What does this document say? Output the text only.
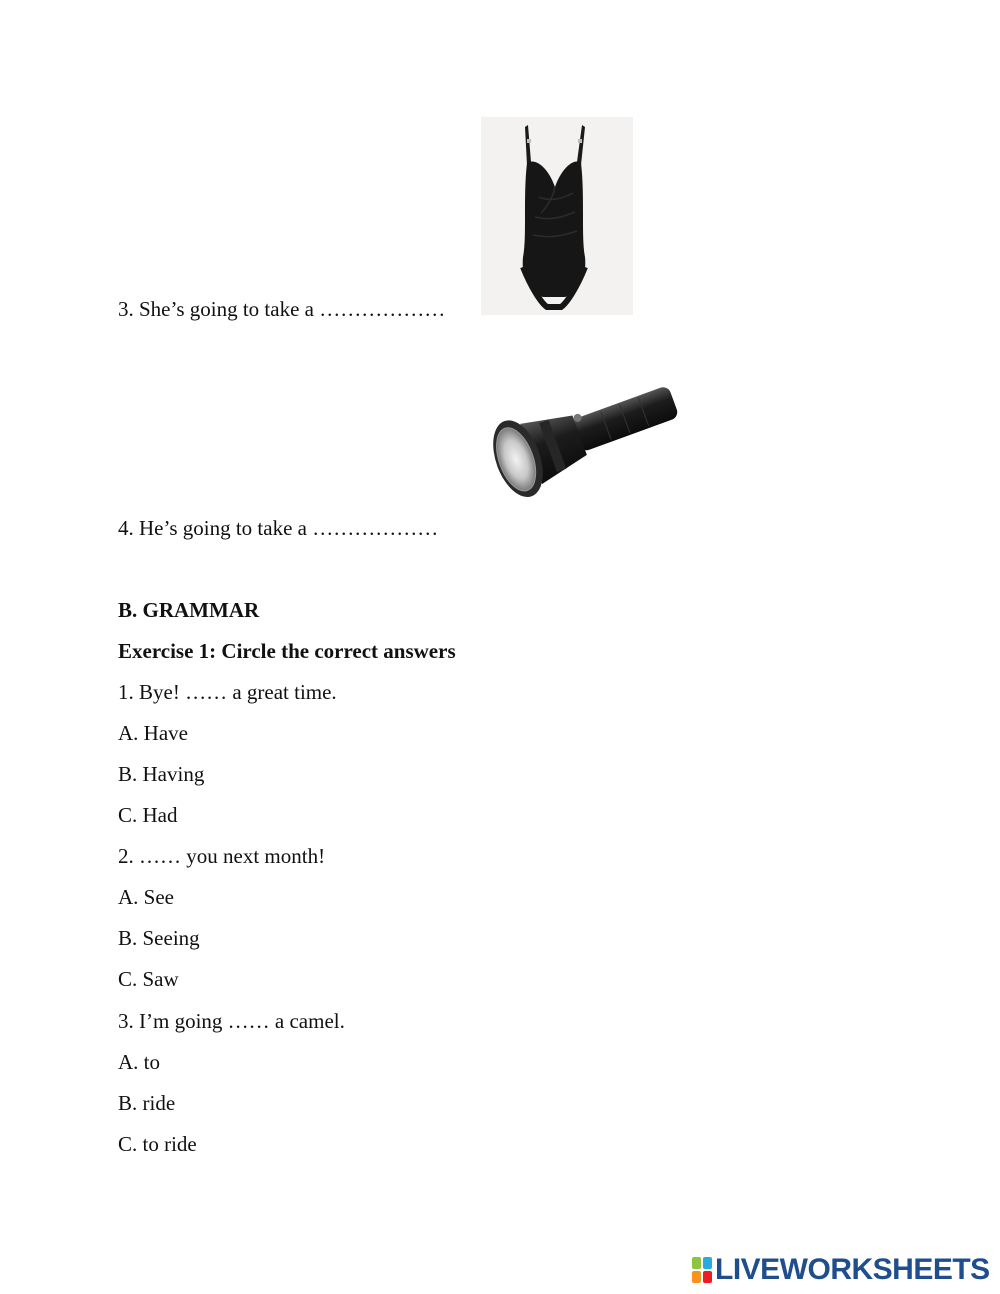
3. She’s going to take a ………………
4. He’s going to take a ………………
B. GRAMMAR
Exercise 1: Circle the correct answers
1. Bye! …… a great time.
A. Have
B. Having
C. Had
2. …… you next month!
A. See
B. Seeing
C. Saw
3. I’m going …… a camel.
A. to
B. ride
C. to ride
LIVEWORKSHEETS
